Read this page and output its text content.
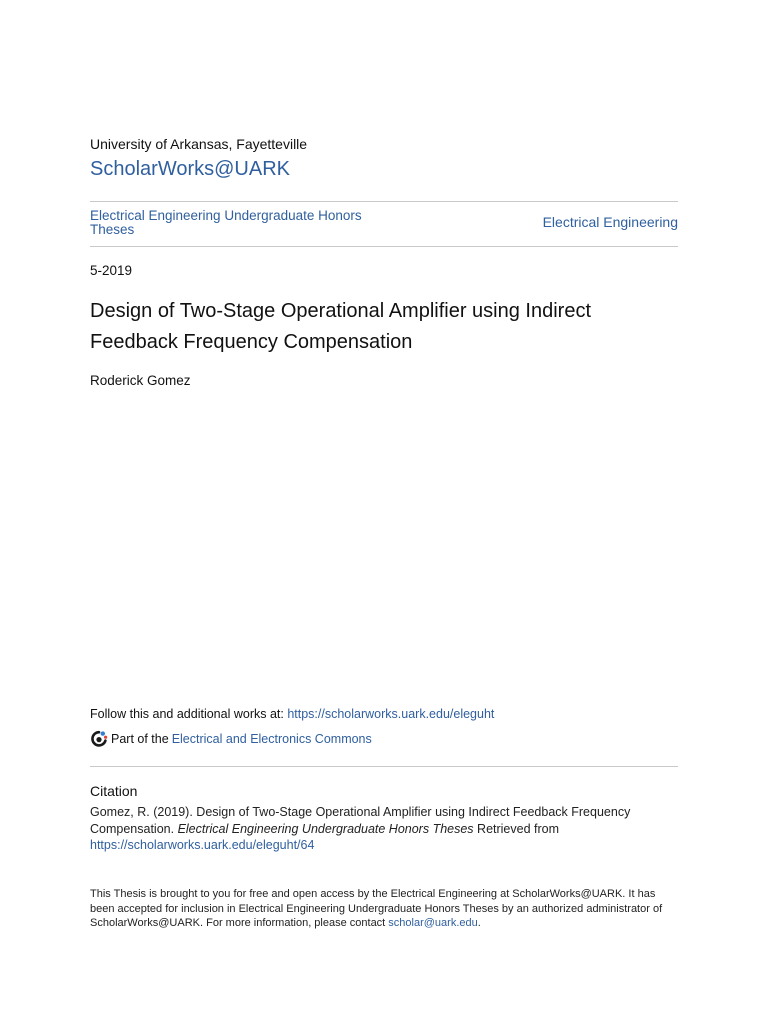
University of Arkansas, Fayetteville
ScholarWorks@UARK
Electrical Engineering Undergraduate Honors Theses	Electrical Engineering
5-2019
Design of Two-Stage Operational Amplifier using Indirect Feedback Frequency Compensation
Roderick Gomez
Follow this and additional works at: https://scholarworks.uark.edu/eleguht
Part of the Electrical and Electronics Commons
Citation
Gomez, R. (2019). Design of Two-Stage Operational Amplifier using Indirect Feedback Frequency Compensation. Electrical Engineering Undergraduate Honors Theses Retrieved from
https://scholarworks.uark.edu/eleguht/64
This Thesis is brought to you for free and open access by the Electrical Engineering at ScholarWorks@UARK. It has been accepted for inclusion in Electrical Engineering Undergraduate Honors Theses by an authorized administrator of ScholarWorks@UARK. For more information, please contact scholar@uark.edu.
